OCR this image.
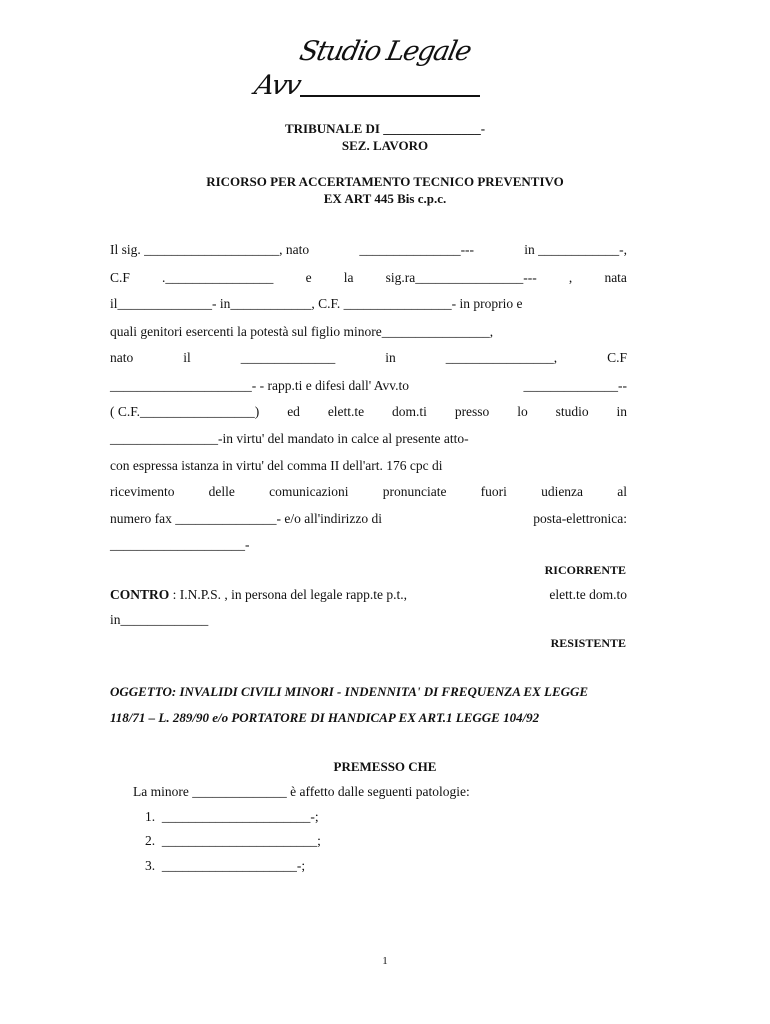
Studio Legale
Avv
TRIBUNALE DI _______________-
SEZ. LAVORO
RICORSO PER ACCERTAMENTO TECNICO PREVENTIVO
EX ART 445 Bis c.p.c.
Il sig. ____________________, nato	_______________---	in ____________-,
C.F .________________ e la sig.ra________________--- , nata
il______________- in____________, C.F. ________________- in proprio e
quali genitori esercenti la potestà sul figlio minore________________,
nato	il	______________	in	________________,	C.F
_____________________- - rapp.ti e difesi dall' Avv.to	______________--
( C.F._________________) ed elett.te dom.ti presso lo studio in
________________-in virtu' del mandato in calce al presente atto-
con espressa istanza in virtu' del comma II dell'art. 176 cpc di
ricevimento	delle	comunicazioni	pronunciate	fuori	udienza	al
numero fax _______________- e/o all'indirizzo di	posta-elettronica:
____________________-
RICORRENTE
CONTRO : I.N.P.S. , in persona del legale rapp.te p.t.,	elett.te dom.to
in_____________
RESISTENTE
OGGETTO: INVALIDI CIVILI MINORI - INDENNITA' DI FREQUENZA EX LEGGE
118/71 – L. 289/90 e/o PORTATORE DI HANDICAP EX ART.1 LEGGE 104/92
PREMESSO CHE
La minore ______________ è affetto dalle seguenti patologie:
1. ______________________-;
2. _______________________;
3. ____________________-;
1
